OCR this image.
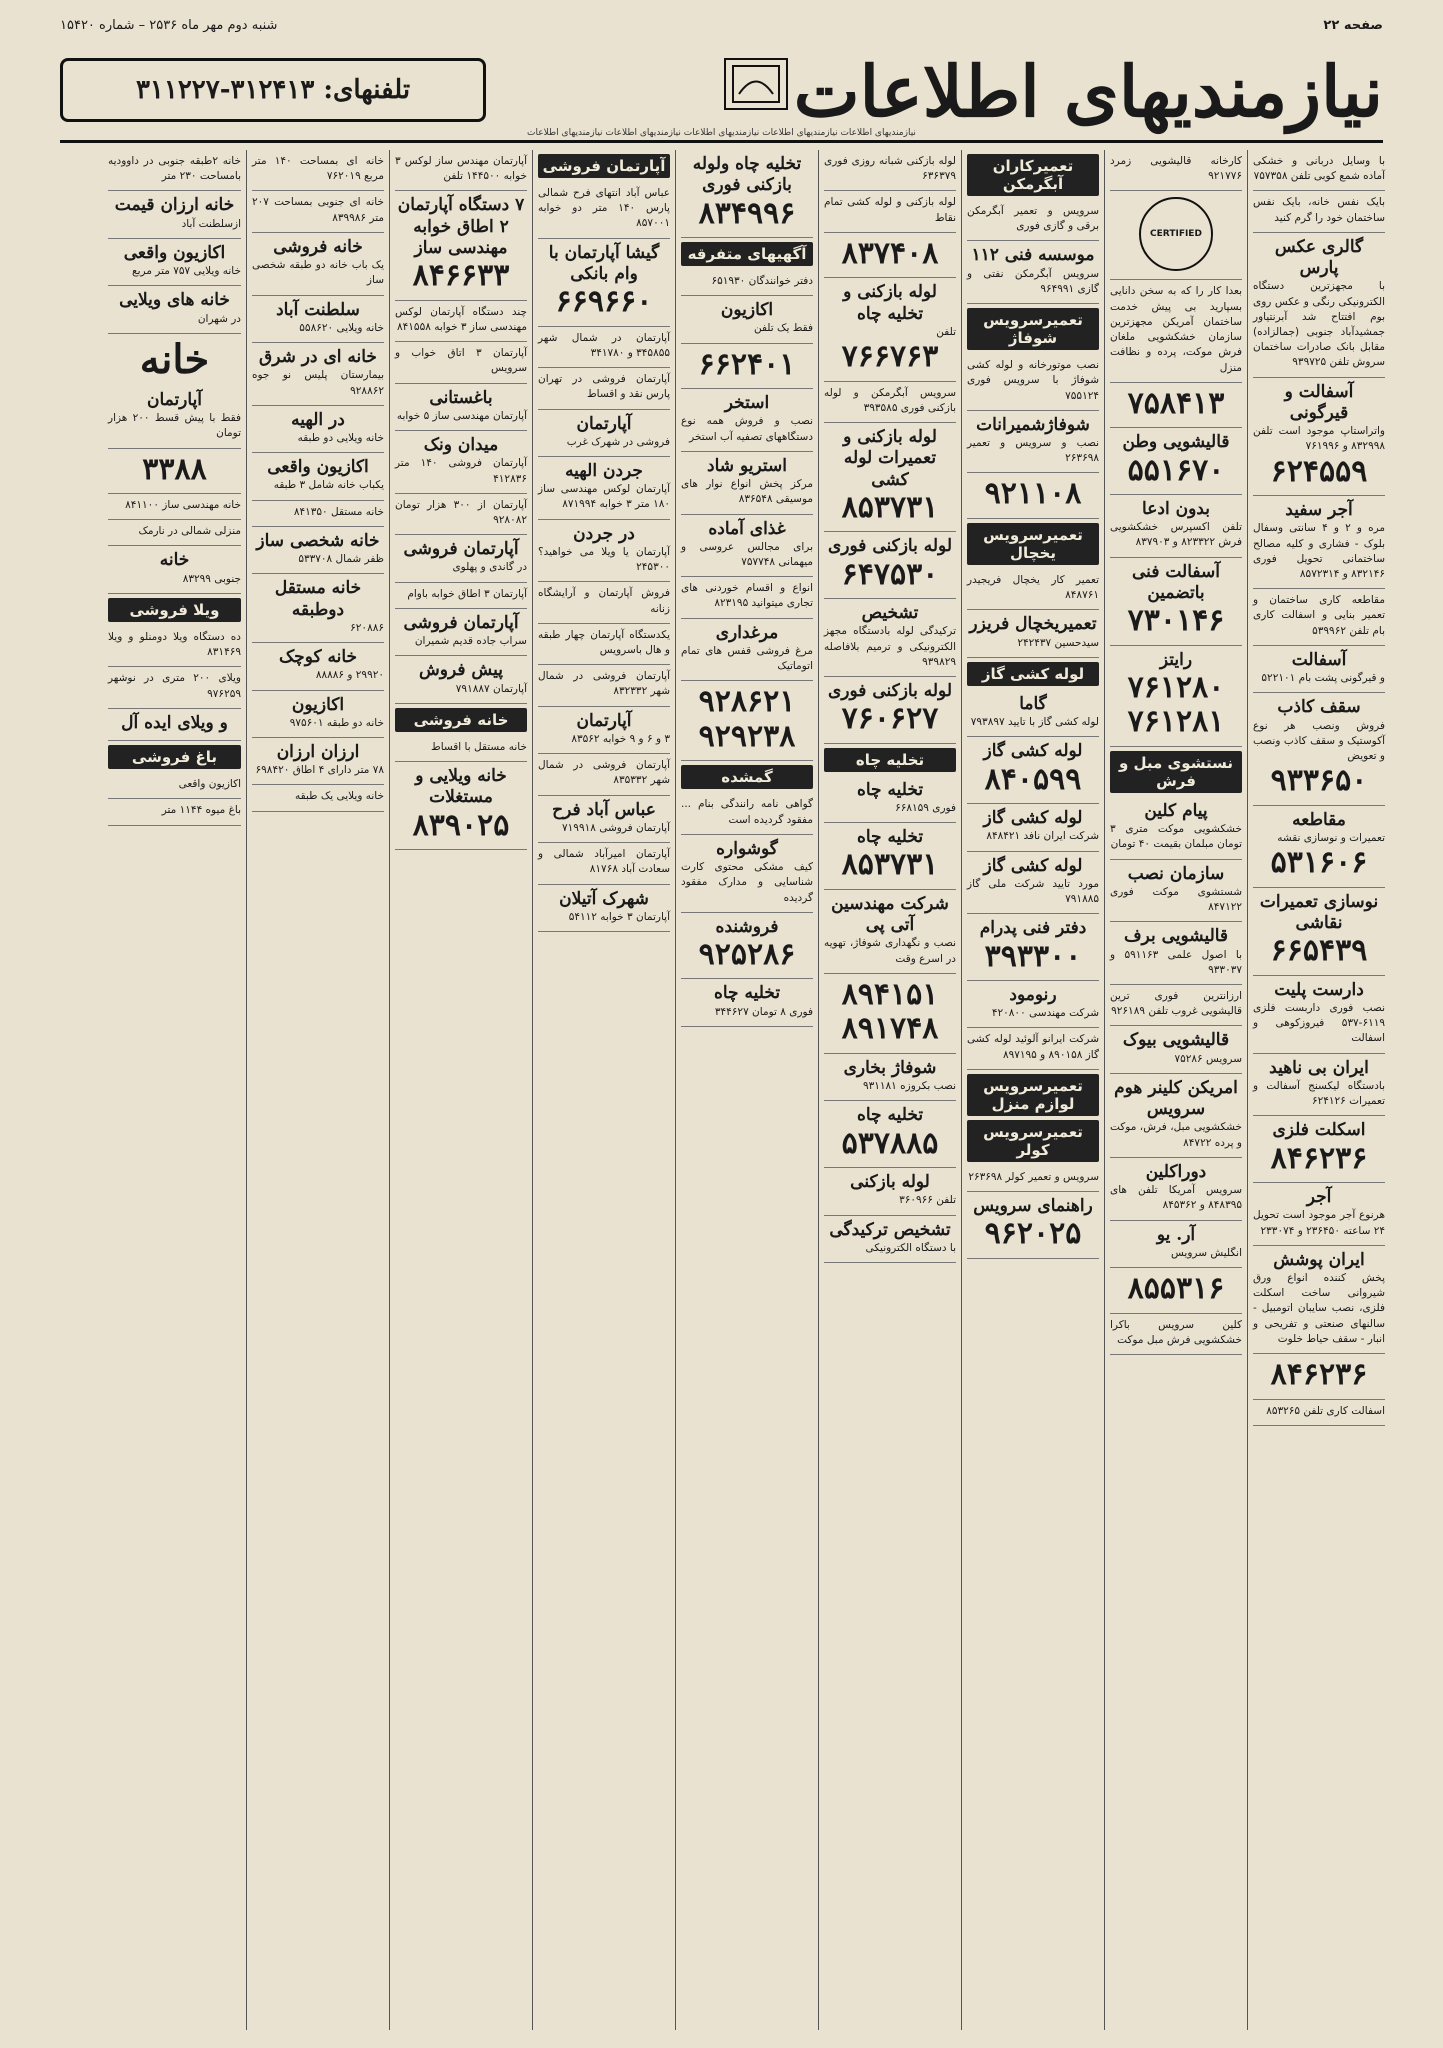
صفحه ۲۲
شنبه دوم مهر ماه ۲۵۳۶ – شماره ۱۵۴۲۰
نیازمندیهای اطلاعات
تلفنهای: ۳۱۲۴۱۳-۳۱۱۲۲۷
نیازمندیهای اطلاعات نیازمندیهای اطلاعات نیازمندیهای اطلاعات نیازمندیهای اطلاعات نیازمندیهای اطلاعات
با وسایل دربانی و خشکی آماده شمع کوبی تلفن ۷۵۷۳۵۸
بایک نفس خانه، بایک نفس ساختمان خود را گرم کنید
گالری عکس پارس
با مجهزترین دستگاه الکترونیکی رنگی و عکس روی بوم افتتاح شد آبرنتیاور جمشیدآباد جنوبی (جمالزاده) مقابل بانک صادرات ساختمان سروش تلفن ۹۳۹۷۲۵
آسفالت و قیرگونی
واتراستاپ موجود است تلفن ۸۳۲۹۹۸ و ۷۶۱۹۹۶
۶۲۴۵۵۹
آجر سفید
مره و ۲ و ۴ سانتی وسفال بلوک - فشاری و کلیه مصالح ساختمانی تحویل فوری ۸۳۲۱۴۶ و ۸۵۷۲۳۱۴
مقاطعه کاری ساختمان و تعمیر بنایی و اسفالت کاری بام تلفن ۵۳۹۹۶۲
آسفالت
و قیرگونی پشت بام ۵۲۲۱۰۱
سقف کاذب
فروش ونصب هر نوع آکوستیک و سقف کاذب ونصب و تعویض
۹۳۳۶۵۰
مقاطعه
تعمیرات و نوسازی نقشه
۵۳۱۶۰۶
نوسازی تعمیرات نقاشی
۶۶۵۴۳۹
دارست پلیت
نصب فوری داربست فلزی ۶۱۱۹-۵۳۷ فیروزکوهی و اسفالت
ایران بی ناهید
بادستگاه لیکسنج آسفالت و تعمیرات ۶۲۴۱۲۶
اسکلت فلزی
۸۴۶۲۳۶
آجر
هرنوع آجر موجود است تحویل ۲۴ ساعته ۲۳۶۴۵۰ و ۲۳۳۰۷۴
ایران پوشش
پخش کننده انواع ورق شیروانی ساخت اسکلت فلزی، نصب سایبان اتومبیل - سالنهای صنعتی و تفریحی و انبار - سقف حیاط خلوت
۸۴۶۲۳۶
اسفالت کاری تلفن ۸۵۳۲۶۵
کارخانه قالیشویی زمرد ۹۲۱۷۷۶
CERTIFIED
بعدا کار را که به سخن دانایی بسپارید بی پیش خدمت ساختمان آمریکن مجهزترین سازمان خشکشویی ملغان فرش موکت، پرده و نظافت منزل
۷۵۸۴۱۳
قالیشویی وطن
۵۵۱۶۷۰
بدون ادعا
تلفن اکسپرس خشکشویی فرش ۸۲۳۳۲۲ و ۸۳۷۹۰۳
آسفالت فنی باتضمین
۷۳۰۱۴۶
رایتز
۷۶۱۲۸۰ ۷۶۱۲۸۱
نستشوی مبل و فرش
پیام کلین
خشکشویی موکت متری ۳ تومان مبلمان بقیمت ۴۰ تومان
سازمان نصب
شستشوی موکت فوری ۸۴۷۱۲۲
قالیشویی برف
با اصول علمی ۵۹۱۱۶۳ و ۹۳۳۰۳۷
ارزانترین فوری ترین قالیشویی غروب تلفن ۹۲۶۱۸۹
قالیشویی بیوک
سرویس ۷۵۲۸۶
امریکن کلینر هوم سرویس
خشکشویی مبل، فرش، موکت و پرده ۸۴۷۲۲
دوراکلین
سرویس آمریکا تلفن های ۸۴۸۳۹۵ و ۸۴۵۳۶۲
آر. یو
انگلیش سرویس
۸۵۵۳۱۶
کلین سرویس باکرا خشکشویی فرش مبل موکت
تعمیرکاران آبگرمکن
سرویس و تعمیر آبگرمکن برقی و گازی فوری
موسسه فنی ۱۱۲
سرویس آبگرمکن نفتی و گازی ۹۶۴۹۹۱
تعمیرسرویس شوفاژ
نصب موتورخانه و لوله کشی شوفاژ با سرویس فوری ۷۵۵۱۲۴
شوفاژشمیرانات
نصب و سرویس و تعمیر ۲۶۳۶۹۸
۹۲۱۱۰۸
تعمیرسرویس یخچال
تعمیر کار یخچال فریجیدر ۸۴۸۷۶۱
تعمیریخچال فریزر
سیدحسین ۲۴۲۴۳۷
لوله کشی گاز
گاما
لوله کشی گاز با تایید ۷۹۳۸۹۷
لوله کشی گاز
۸۴۰۵۹۹
لوله کشی گاز
شرکت ایران نافد ۸۴۸۴۲۱
لوله کشی گاز
مورد تایید شرکت ملی گاز ۷۹۱۸۸۵
دفتر فنی پدرام
۳۹۳۳۰۰
رنومود
شرکت مهندسی ۴۲۰۸۰۰
شرکت ایرانو آلوئید لوله کشی گاز ۸۹۰۱۵۸ و ۸۹۷۱۹۵
تعمیرسرویس لوازم منزل
تعمیرسرویس کولر
سرویس و تعمیر کولر ۲۶۳۶۹۸
راهنمای سرویس
۹۶۲۰۲۵
لوله بازکنی شبانه روزی فوری ۶۳۶۳۷۹
لوله بازکنی و لوله کشی تمام نقاط
۸۳۷۴۰۸
لوله بازکنی و تخلیه چاه
تلفن
۷۶۶۷۶۳
سرویس آبگرمکن و لوله بازکنی فوری ۳۹۳۵۸۵
لوله بازکنی و تعمیرات لوله کشی
۸۵۳۷۳۱
لوله بازکنی فوری
۶۴۷۵۳۰
تشخیص
ترکیدگی لوله بادستگاه مجهز الکترونیکی و ترمیم بلافاصله ۹۳۹۸۲۹
لوله بازکنی فوری
۷۶۰۶۲۷
تخلیه چاه
تخلیه چاه
فوری ۶۶۸۱۵۹
تخلیه چاه
۸۵۳۷۳۱
شرکت مهندسین آتی پی
نصب و نگهداری شوفاژ، تهویه در اسرع وقت
۸۹۴۱۵۱ ۸۹۱۷۴۸
شوفاژ بخاری
نصب بکروزه ۹۳۱۱۸۱
تخلیه چاه
۵۳۷۸۸۵
لوله بازکنی
تلفن ۳۶۰۹۶۶
تشخیص ترکیدگی
با دستگاه الکترونیکی
تخلیه چاه ولوله بازکنی فوری
۸۳۴۹۹۶
آگهیهای متفرقه
دفتر خوانندگان ۶۵۱۹۳۰
اکازیون
فقط یک تلفن
۶۶۲۴۰۱
استخر
نصب و فروش همه نوع دستگاههای تصفیه آب استخر
استریو شاد
مرکز پخش انواع نوار های موسیقی ۸۳۶۵۴۸
غذای آماده
برای مجالس عروسی و میهمانی ۷۵۷۷۴۸
انواع و اقسام خوردنی های تجاری میتوانید ۸۲۳۱۹۵
مرغداری
مرغ فروشی قفس های تمام اتوماتیک
۹۲۸۶۲۱ ۹۲۹۲۳۸
گمشده
گواهی نامه رانندگی بنام ... مفقود گردیده است
گوشواره
کیف مشکی محتوی کارت شناسایی و مدارک مفقود گردیده
فروشنده
۹۲۵۲۸۶
تخلیه چاه
فوری ۸ تومان ۳۴۴۶۲۷
آپارتمان فروشی
عباس آباد انتهای فرح شمالی پارس ۱۴۰ متر دو خوابه ۸۵۷۰۰۱
گیشا آپارتمان با وام بانکی
۶۶۹۶۶۰
آپارتمان در شمال شهر ۳۴۵۸۵۵ و ۳۴۱۷۸۰
آپارتمان فروشی در تهران پارس نقد و اقساط
آپارتمان
فروشی در شهرک غرب
جردن الهیه
آپارتمان لوکس مهندسی ساز ۱۸۰ متر ۳ خوابه ۸۷۱۹۹۴
در جردن
آپارتمان یا ویلا می خواهید؟ ۲۴۵۳۰۰
فروش آپارتمان و آرایشگاه زنانه
یکدستگاه آپارتمان چهار طبقه و هال باسرویس
آپارتمان فروشی در شمال شهر ۸۳۲۳۳۲
آپارتمان
۳ و ۶ و ۹ خوابه ۸۳۵۶۲
آپارتمان فروشی در شمال شهر ۸۳۵۳۳۲
عباس آباد فرح
آپارتمان فروشی ۷۱۹۹۱۸
آپارتمان امیرآباد شمالی و سعادت آباد ۸۱۷۶۸
شهرک آتیلان
آپارتمان ۳ خوابه ۵۴۱۱۲
آپارتمان مهندس ساز لوکس ۳ خوابه ۱۴۴۵۰۰ تلفن
۷ دستگاه آپارتمان ۲ اطاق خوابه مهندسی ساز
۸۴۶۶۳۳
چند دستگاه آپارتمان لوکس مهندسی ساز ۳ خوابه ۸۴۱۵۵۸
آپارتمان ۳ اتاق خواب و سرویس
باغستانی
آپارتمان مهندسی ساز ۵ خوابه
میدان ونک
آپارتمان فروشی ۱۴۰ متر ۴۱۲۸۳۶
آپارتمان از ۳۰۰ هزار تومان ۹۲۸۰۸۲
آپارتمان فروشی
در گاندی و پهلوی
آپارتمان ۳ اطاق خوابه باوام
آپارتمان فروشی
سراب جاده قدیم شمیران
پیش فروش
آپارتمان ۷۹۱۸۸۷
خانه فروشی
خانه مستقل با اقساط
خانه ویلایی و مستغلات
۸۳۹۰۲۵
خانه ای بمساحت ۱۴۰ متر مربع ۷۶۲۰۱۹
خانه ای جنوبی بمساحت ۲۰۷ متر ۸۳۹۹۸۶
خانه فروشی
یک باب خانه دو طبقه شخصی ساز
سلطنت آباد
خانه ویلایی ۵۵۸۶۲۰
خانه ای در شرق
بیمارستان پلیس نو جوه ۹۲۸۸۶۲
در الهیه
خانه ویلایی دو طبقه
اکازیون واقعی
یکباب خانه شامل ۳ طبقه
خانه مستقل ۸۴۱۳۵۰
خانه شخصی ساز
ظفر شمال ۵۳۳۷۰۸
خانه مستقل دوطبقه
۶۲۰۸۸۶
خانه کوچک
۲۹۹۲۰ و ۸۸۸۸۶
اکازیون
خانه دو طبقه ۹۷۵۶۰۱
ارزان ارزان
۷۸ متر دارای ۴ اطاق ۶۹۸۴۲۰
خانه ویلایی یک طبقه
خانه ۲طبقه جنوبی در داوودیه بامساحت ۲۳۰ متر
خانه ارزان قیمت
ازسلطنت آباد
اکازیون واقعی
خانه ویلایی ۷۵۷ متر مربع
خانه های ویلایی
در شهران
خانه
آپارتمان
فقط با پیش قسط ۲۰۰ هزار تومان
۳۳۸۸
خانه مهندسی ساز ۸۴۱۱۰۰
منزلی شمالی در نارمک
خانه
جنوبی ۸۳۲۹۹
ویلا فروشی
ده دستگاه ویلا دومنلو و ویلا ۸۳۱۴۶۹
ویلای ۲۰۰ متری در نوشهر ۹۷۶۲۵۹
و ویلای ایده آل
باغ فروشی
اکازیون واقعی
باغ میوه ۱۱۴۴ متر
